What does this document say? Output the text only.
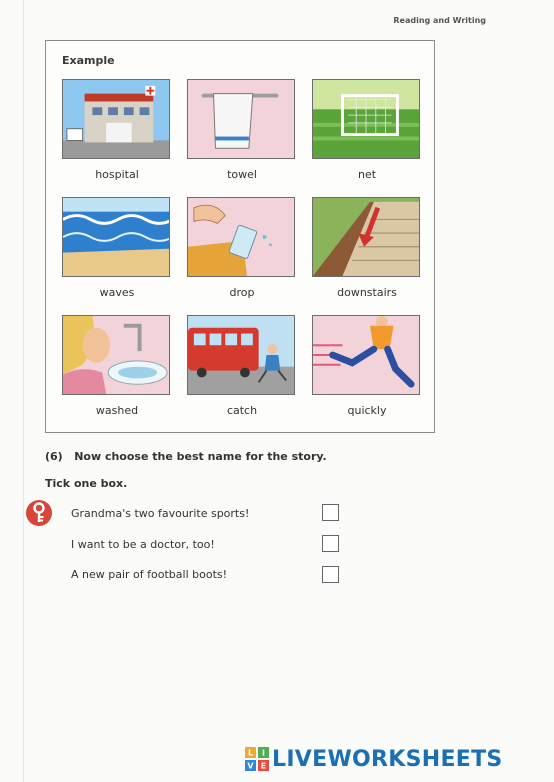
Reading and Writing
Example
hospital	towel	net
waves	drop	downstairs
washed	catch	quickly
(6)   Now choose the best name for the story.
Tick one box.
Grandma's two favourite sports!
I want to be a doctor, too!
A new pair of football boots!
L I
V E LIVEWORKSHEETS
